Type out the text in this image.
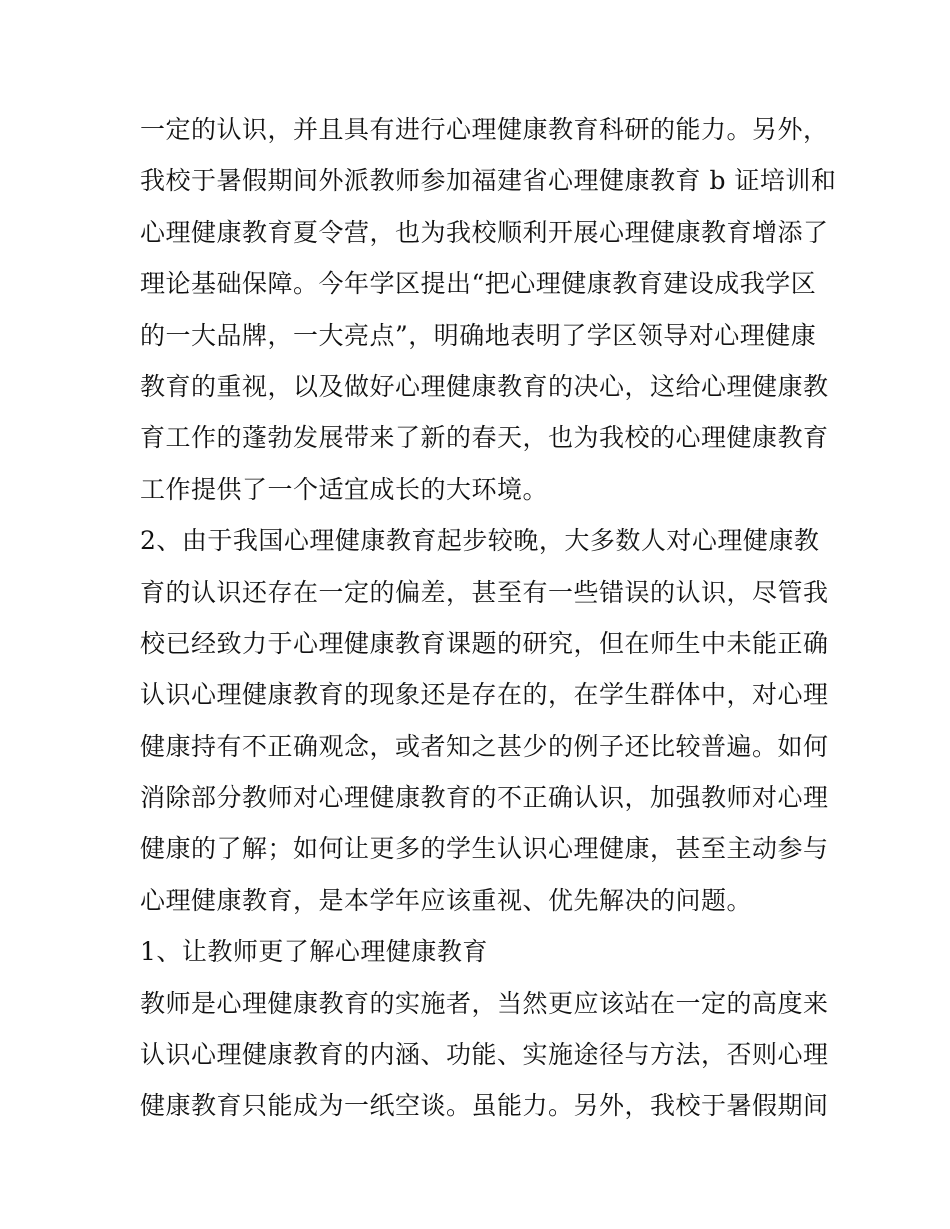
一定的认识，并且具有进行心理健康教育科研的能力。另外，
我校于暑假期间外派教师参加福建省心理健康教育 b 证培训和
心理健康教育夏令营，也为我校顺利开展心理健康教育增添了
理论基础保障。今年学区提出“把心理健康教育建设成我学区
的一大品牌，一大亮点”，明确地表明了学区领导对心理健康
教育的重视，以及做好心理健康教育的决心，这给心理健康教
育工作的蓬勃发展带来了新的春天，也为我校的心理健康教育
工作提供了一个适宜成长的大环境。
2、由于我国心理健康教育起步较晚，大多数人对心理健康教
育的认识还存在一定的偏差，甚至有一些错误的认识，尽管我
校已经致力于心理健康教育课题的研究，但在师生中未能正确
认识心理健康教育的现象还是存在的，在学生群体中，对心理
健康持有不正确观念，或者知之甚少的例子还比较普遍。如何
消除部分教师对心理健康教育的不正确认识，加强教师对心理
健康的了解；如何让更多的学生认识心理健康，甚至主动参与
心理健康教育，是本学年应该重视、优先解决的问题。
1、让教师更了解心理健康教育
教师是心理健康教育的实施者，当然更应该站在一定的高度来
认识心理健康教育的内涵、功能、实施途径与方法，否则心理
健康教育只能成为一纸空谈。虽能力。另外，我校于暑假期间
